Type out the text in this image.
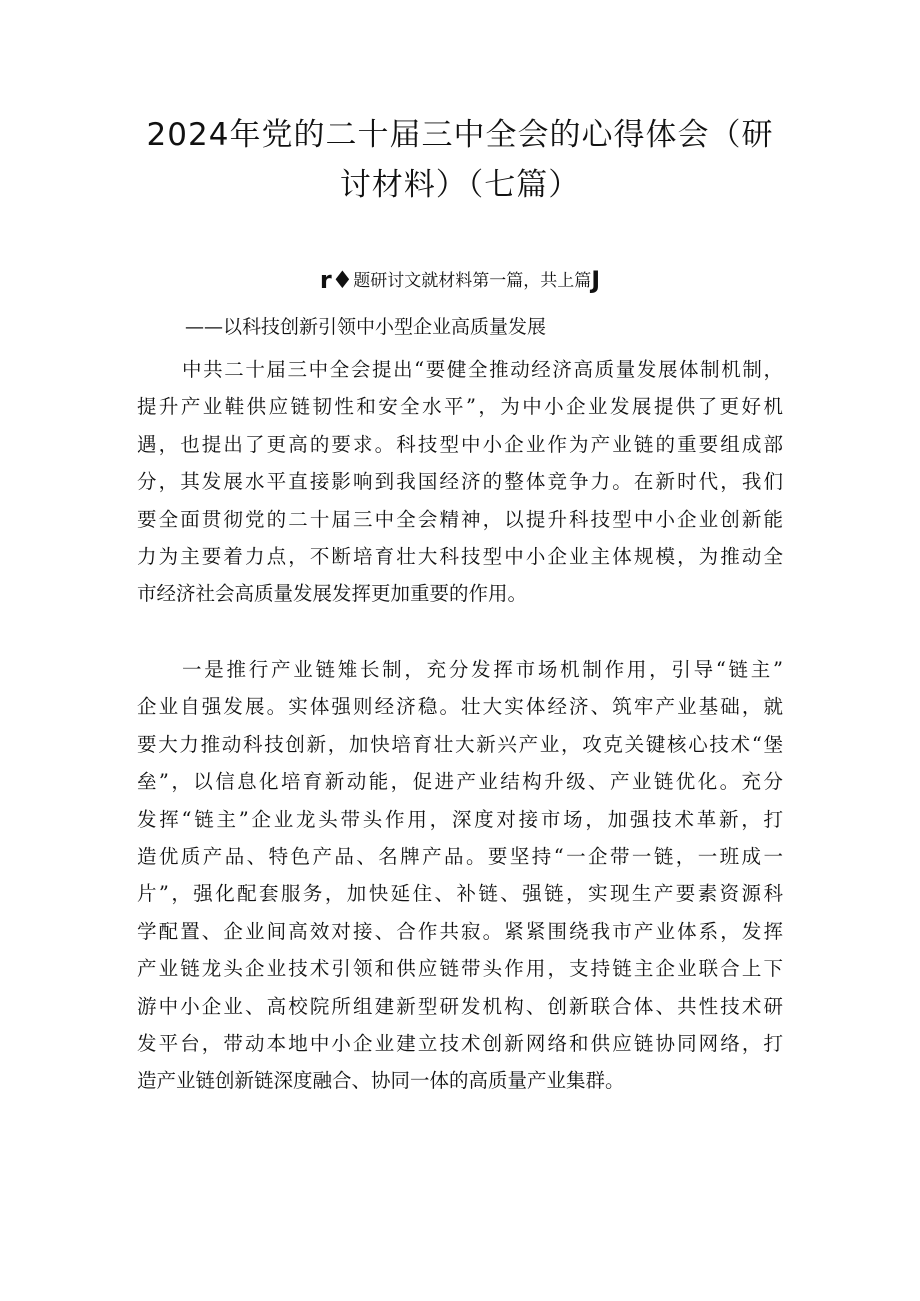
2024年党的二十届三中全会的心得体会（研
讨材料）（七篇）
r♦题研讨文就材料第一篇，共上篇J

——以科技创新引领中小型企业高质量发展

中共二十届三中全会提出“要健全推动经济高质量发展体制机制，
提升产业鞋供应链韧性和安全水平”，为中小企业发展提供了更好机
遇，也提出了更高的要求。科技型中小企业作为产业链的重要组成部
分，其发展水平直接影响到我国经济的整体竞争力。在新时代，我们
要全面贯彻党的二十届三中全会精神，以提升科技型中小企业创新能
力为主要着力点，不断培育壮大科技型中小企业主体规模，为推动全
市经济社会高质量发展发挥更加重要的作用。
一是推行产业链雉长制，充分发挥市场机制作用，引导“链主”
企业自强发展。实体强则经济稳。壮大实体经济、筑牢产业基础，就
要大力推动科技创新，加快培育壮大新兴产业，攻克关键核心技术“堡
垒”，以信息化培育新动能，促进产业结构升级、产业链优化。充分
发挥“链主”企业龙头带头作用，深度对接市场，加强技术革新，打
造优质产品、特色产品、名牌产品。要坚持“一企带一链，一班成一
片”，强化配套服务，加快延住、补链、强链，实现生产要素资源科
学配置、企业间高效对接、合作共寂。紧紧围绕我市产业体系，发挥
产业链龙头企业技术引领和供应链带头作用，支持链主企业联合上下
游中小企业、高校院所组建新型研发机构、创新联合体、共性技术研
发平台，带动本地中小企业建立技术创新网络和供应链协同网络，打
造产业链创新链深度融合、协同一体的高质量产业集群。
